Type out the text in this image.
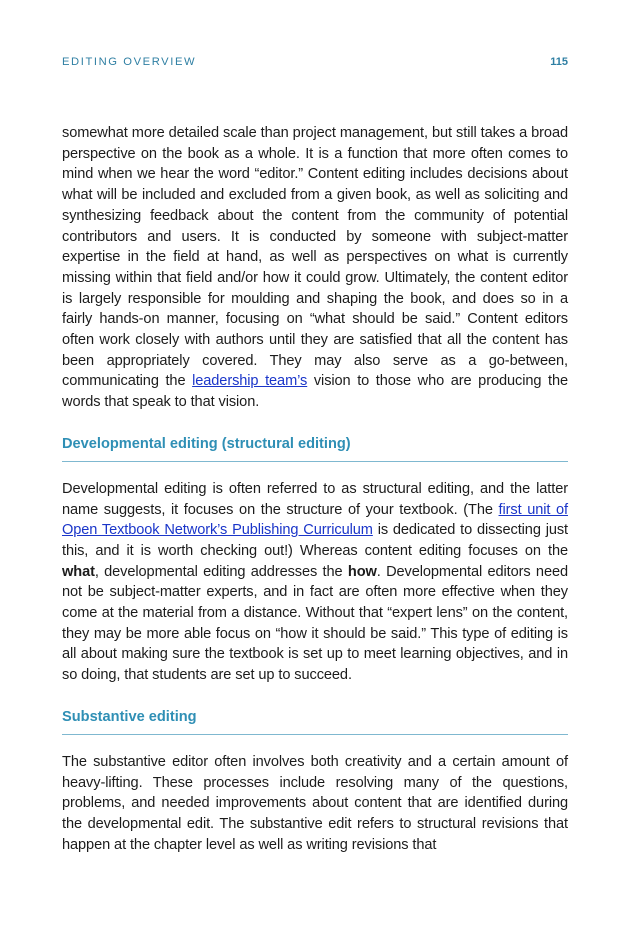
EDITING OVERVIEW	115

somewhat more detailed scale than project management, but still takes a broad perspective on the book as a whole. It is a function that more often comes to mind when we hear the word “editor.” Content editing includes decisions about what will be included and excluded from a given book, as well as soliciting and synthesizing feedback about the content from the community of potential contributors and users. It is conducted by someone with subject-matter expertise in the field at hand, as well as perspectives on what is currently missing within that field and/or how it could grow. Ultimately, the content editor is largely responsible for moulding and shaping the book, and does so in a fairly hands-on manner, focusing on “what should be said.” Content editors often work closely with authors until they are satisfied that all the content has been appropriately covered. They may also serve as a go-between, communicating the leadership team’s vision to those who are producing the words that speak to that vision.

Developmental editing (structural editing)

Developmental editing is often referred to as structural editing, and the latter name suggests, it focuses on the structure of your textbook. (The first unit of Open Textbook Network’s Publishing Curriculum is dedicated to dissecting just this, and it is worth checking out!) Whereas content editing focuses on the what, developmental editing addresses the how. Developmental editors need not be subject-matter experts, and in fact are often more effective when they come at the material from a distance. Without that “expert lens” on the content, they may be more able focus on “how it should be said.” This type of editing is all about making sure the textbook is set up to meet learning objectives, and in so doing, that students are set up to succeed.

Substantive editing

The substantive editor often involves both creativity and a certain amount of heavy-lifting. These processes include resolving many of the questions, problems, and needed improvements about content that are identified during the developmental edit. The substantive edit refers to structural revisions that happen at the chapter level as well as writing revisions that
